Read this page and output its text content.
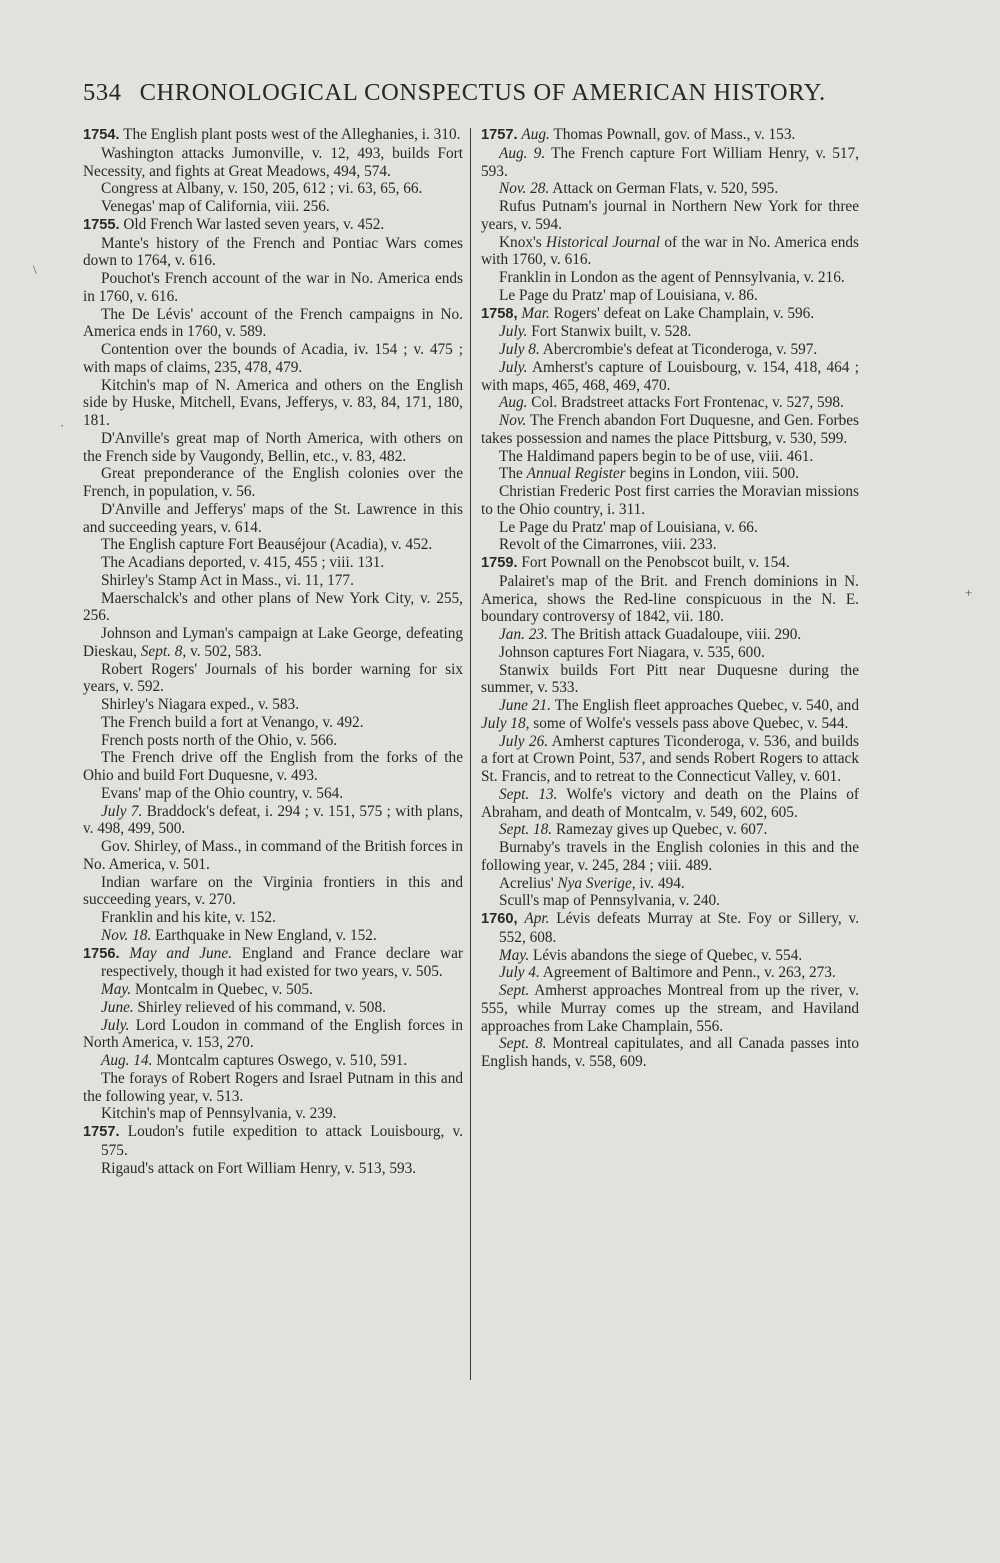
534 CHRONOLOGICAL CONSPECTUS OF AMERICAN HISTORY.

1754. The English plant posts west of the Alleghanies, i. 310.

Washington attacks Jumonville, v. 12, 493, builds Fort Necessity, and fights at Great Meadows, 494, 574.

Congress at Albany, v. 150, 205, 612 ; vi. 63, 65, 66.

Venegas' map of California, viii. 256.

1755. Old French War lasted seven years, v. 452.

Mante's history of the French and Pontiac Wars comes down to 1764, v. 616.

Pouchot's French account of the war in No. America ends in 1760, v. 616.

The De Lévis' account of the French campaigns in No. America ends in 1760, v. 589.

Contention over the bounds of Acadia, iv. 154 ; v. 475 ; with maps of claims, 235, 478, 479.

Kitchin's map of N. America and others on the English side by Huske, Mitchell, Evans, Jefferys, v. 83, 84, 171, 180, 181.

D'Anville's great map of North America, with others on the French side by Vaugondy, Bellin, etc., v. 83, 482.

Great preponderance of the English colonies over the French, in population, v. 56.

D'Anville and Jefferys' maps of the St. Lawrence in this and succeeding years, v. 614.

The English capture Fort Beauséjour (Acadia), v. 452.

The Acadians deported, v. 415, 455 ; viii. 131.

Shirley's Stamp Act in Mass., vi. 11, 177.

Maerschalck's and other plans of New York City, v. 255, 256.

Johnson and Lyman's campaign at Lake George, defeating Dieskau, Sept. 8, v. 502, 583.

Robert Rogers' Journals of his border warning for six years, v. 592.

Shirley's Niagara exped., v. 583.

The French build a fort at Venango, v. 492.

French posts north of the Ohio, v. 566.

The French drive off the English from the forks of the Ohio and build Fort Duquesne, v. 493.

Evans' map of the Ohio country, v. 564.

July 7. Braddock's defeat, i. 294 ; v. 151, 575 ; with plans, v. 498, 499, 500.

Gov. Shirley, of Mass., in command of the British forces in No. America, v. 501.

Indian warfare on the Virginia frontiers in this and succeeding years, v. 270.

Franklin and his kite, v. 152.

Nov. 18. Earthquake in New England, v. 152.

1756. May and June. England and France declare war respectively, though it had existed for two years, v. 505.

May. Montcalm in Quebec, v. 505.

June. Shirley relieved of his command, v. 508.

July. Lord Loudon in command of the English forces in North America, v. 153, 270.

Aug. 14. Montcalm captures Oswego, v. 510, 591.

The forays of Robert Rogers and Israel Putnam in this and the following year, v. 513.

Kitchin's map of Pennsylvania, v. 239.

1757. Loudon's futile expedition to attack Louisbourg, v. 575.

Rigaud's attack on Fort William Henry, v. 513, 593.

1757. Aug. Thomas Pownall, gov. of Mass., v. 153.

Aug. 9. The French capture Fort William Henry, v. 517, 593.

Nov. 28. Attack on German Flats, v. 520, 595.

Rufus Putnam's journal in Northern New York for three years, v. 594.

Knox's Historical Journal of the war in No. America ends with 1760, v. 616.

Franklin in London as the agent of Pennsylvania, v. 216.

Le Page du Pratz' map of Louisiana, v. 86.

1758, Mar. Rogers' defeat on Lake Champlain, v. 596.

July. Fort Stanwix built, v. 528.

July 8. Abercrombie's defeat at Ticonderoga, v. 597.

July. Amherst's capture of Louisbourg, v. 154, 418, 464 ; with maps, 465, 468, 469, 470.

Aug. Col. Bradstreet attacks Fort Frontenac, v. 527, 598.

Nov. The French abandon Fort Duquesne, and Gen. Forbes takes possession and names the place Pittsburg, v. 530, 599.

The Haldimand papers begin to be of use, viii. 461.

The Annual Register begins in London, viii. 500.

Christian Frederic Post first carries the Moravian missions to the Ohio country, i. 311.

Le Page du Pratz' map of Louisiana, v. 66.

Revolt of the Cimarrones, viii. 233.

1759. Fort Pownall on the Penobscot built, v. 154.

Palairet's map of the Brit. and French dominions in N. America, shows the Red-line conspicuous in the N. E. boundary controversy of 1842, vii. 180.

Jan. 23. The British attack Guadaloupe, viii. 290.

Johnson captures Fort Niagara, v. 535, 600.

Stanwix builds Fort Pitt near Duquesne during the summer, v. 533.

June 21. The English fleet approaches Quebec, v. 540, and July 18, some of Wolfe's vessels pass above Quebec, v. 544.

July 26. Amherst captures Ticonderoga, v. 536, and builds a fort at Crown Point, 537, and sends Robert Rogers to attack St. Francis, and to retreat to the Connecticut Valley, v. 601.

Sept. 13. Wolfe's victory and death on the Plains of Abraham, and death of Montcalm, v. 549, 602, 605.

Sept. 18. Ramezay gives up Quebec, v. 607.

Burnaby's travels in the English colonies in this and the following year, v. 245, 284 ; viii. 489.

Acrelius' Nya Sverige, iv. 494.

Scull's map of Pennsylvania, v. 240.

1760, Apr. Lévis defeats Murray at Ste. Foy or Sillery, v. 552, 608.

May. Lévis abandons the siege of Quebec, v. 554.

July 4. Agreement of Baltimore and Penn., v. 263, 273.

Sept. Amherst approaches Montreal from up the river, v. 555, while Murray comes up the stream, and Haviland approaches from Lake Champlain, 556.

Sept. 8. Montreal capitulates, and all Canada passes into English hands, v. 558, 609.

\
·
+
